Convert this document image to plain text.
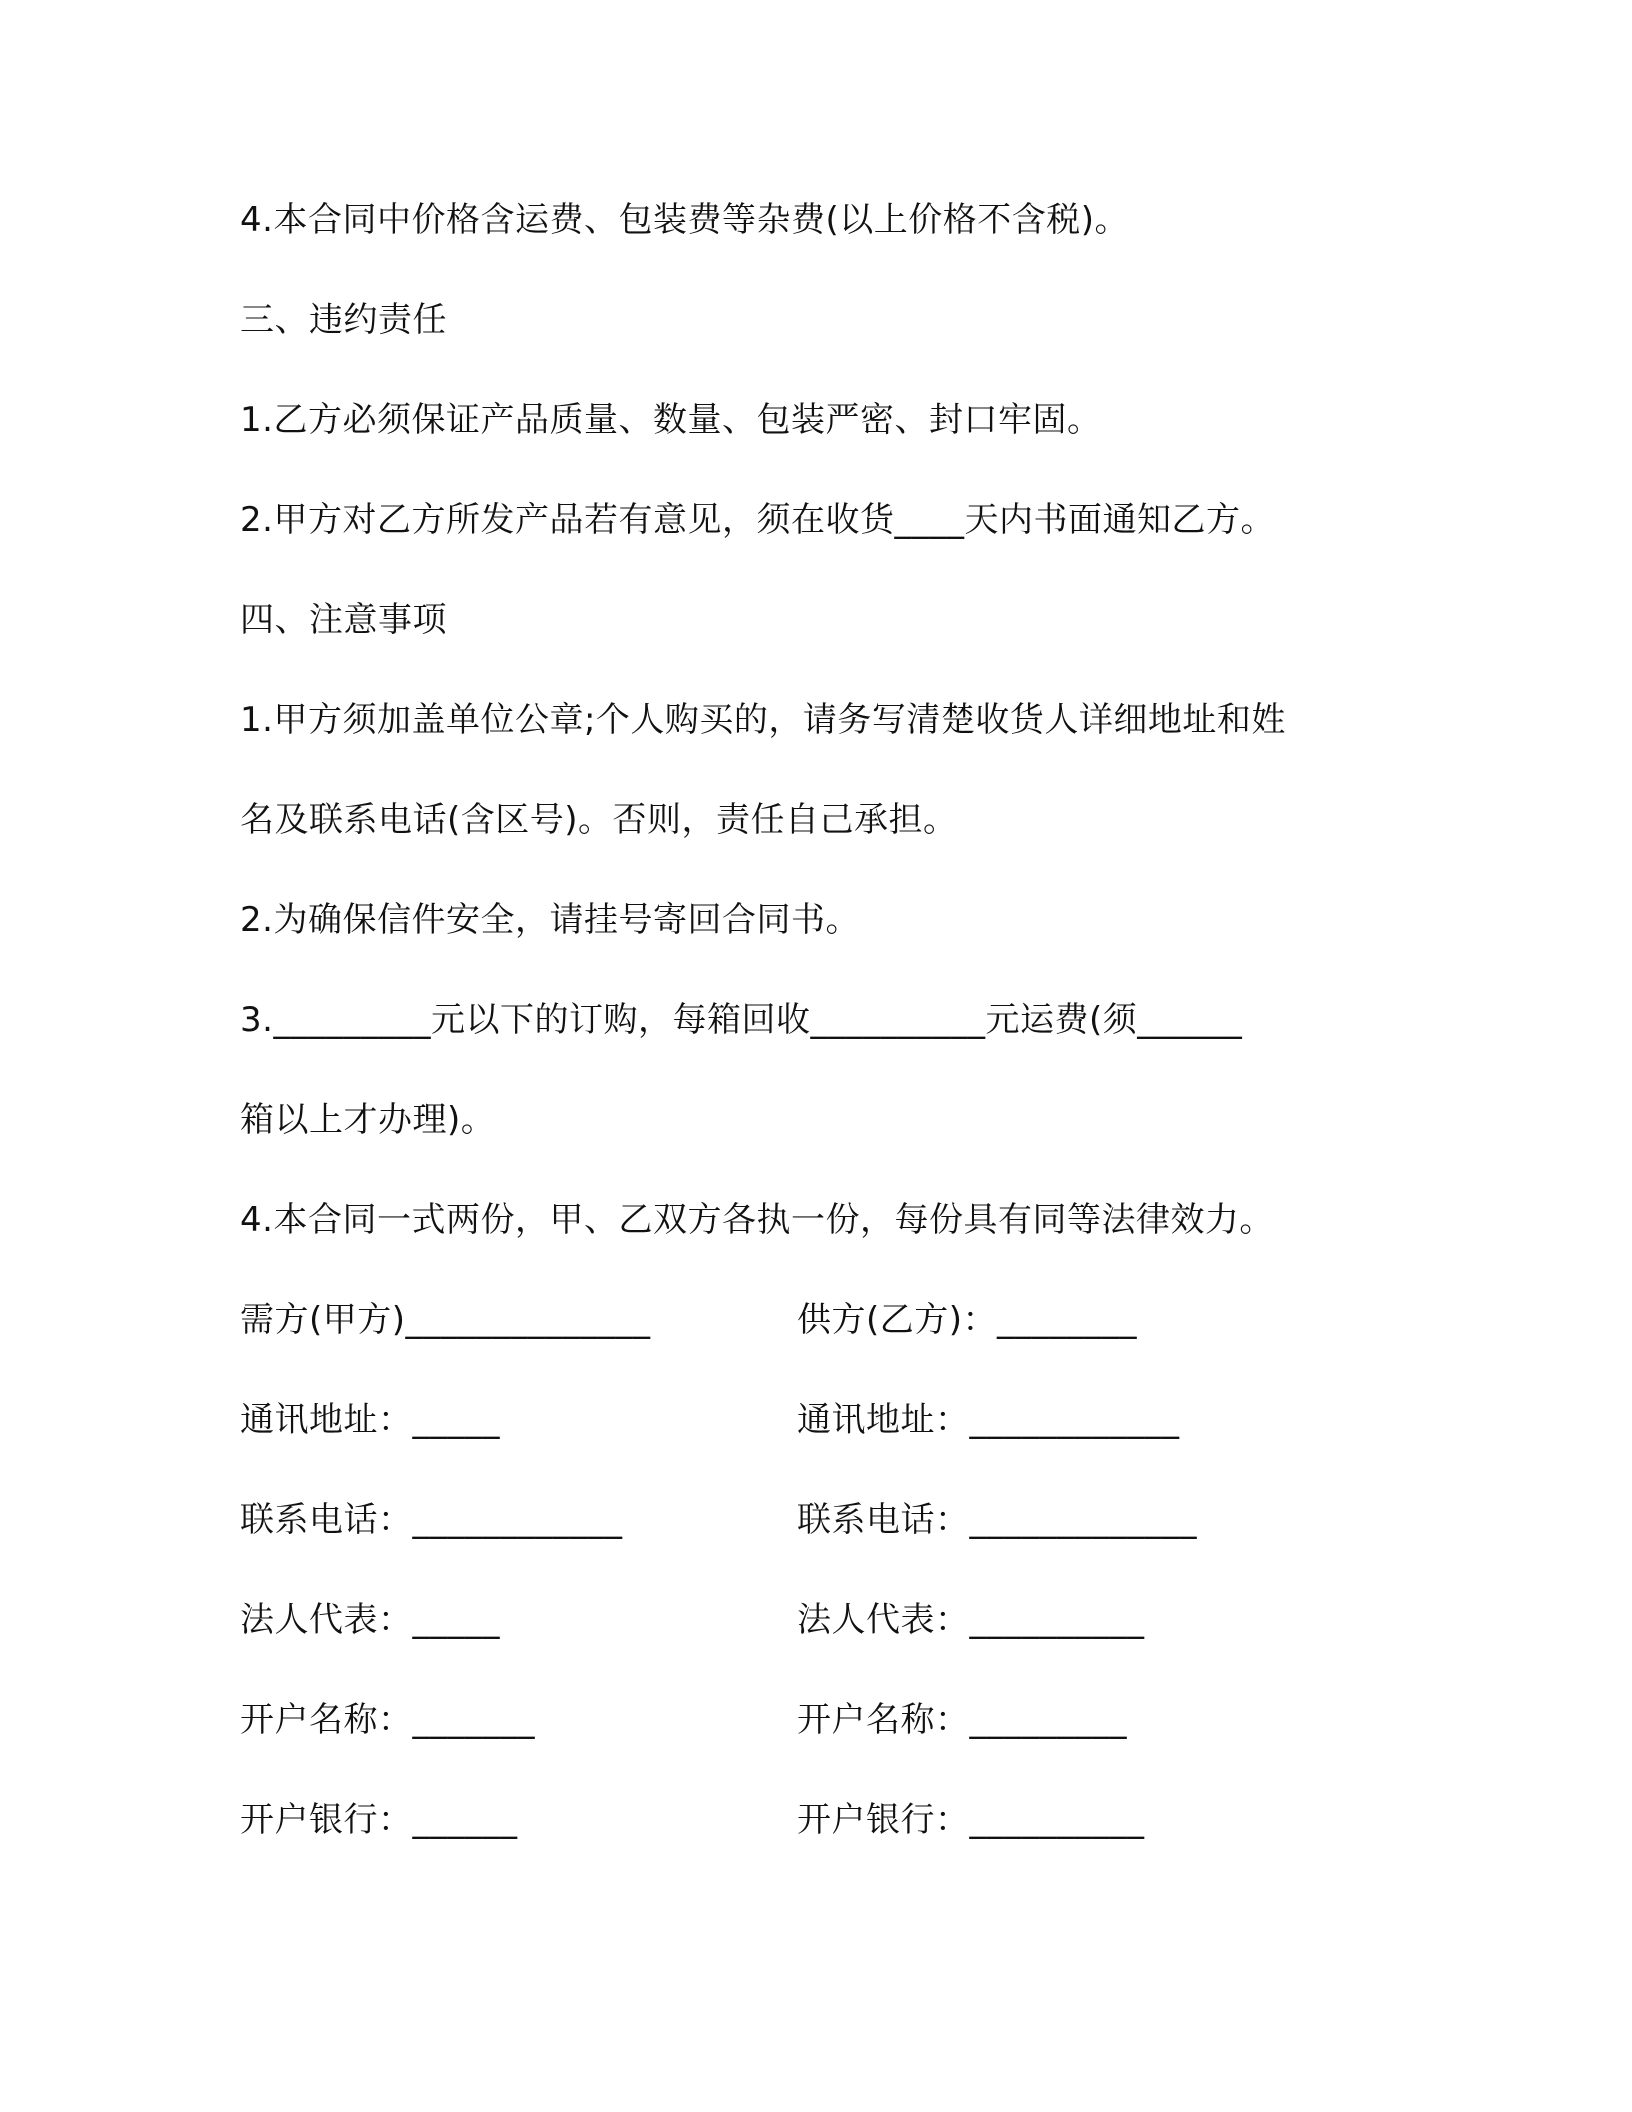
4.本合同中价格含运费、包装费等杂费(以上价格不含税)。
三、违约责任
1.乙方必须保证产品质量、数量、包装严密、封口牢固。
2.甲方对乙方所发产品若有意见，须在收货____天内书面通知乙方。
四、注意事项
1.甲方须加盖单位公章;个人购买的，请务写清楚收货人详细地址和姓
名及联系电话(含区号)。否则，责任自己承担。
2.为确保信件安全，请挂号寄回合同书。
3._________元以下的订购，每箱回收__________元运费(须______
箱以上才办理)。
4.本合同一式两份，甲、乙双方各执一份，每份具有同等法律效力。
需方(甲方)______________
通讯地址：_____
联系电话：____________
法人代表：_____
开户名称：_______
开户银行：______
供方(乙方)：________
通讯地址：____________
联系电话：_____________
法人代表：__________
开户名称：_________
开户银行：__________
